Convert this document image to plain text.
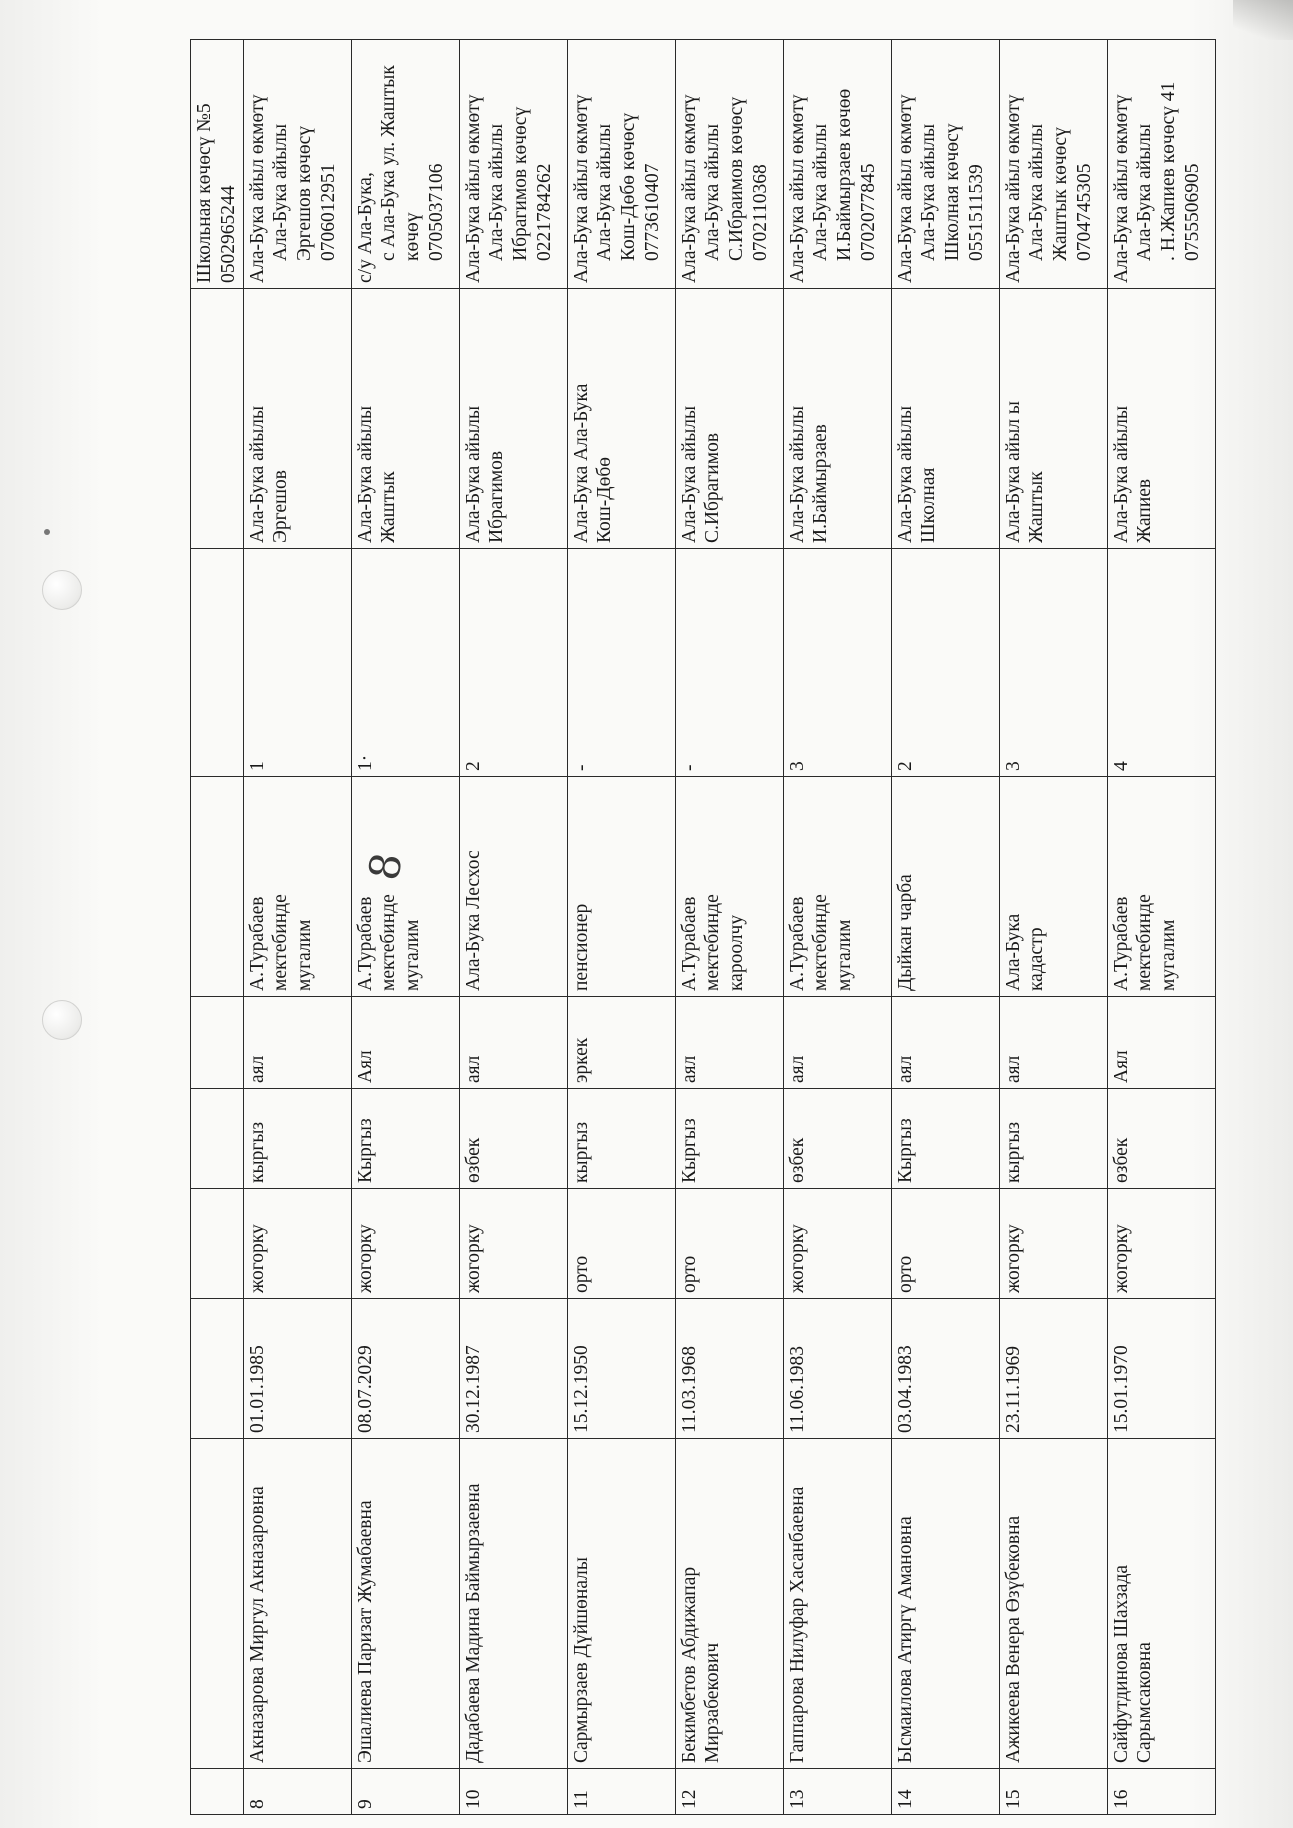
									Школьная көчөсү №5 0502965244

8	Акназарова Миргул Акназаровна	01.01.1985	жогорку	кыргыз	аял	А.Турабаев мектебинде мугалим	1	Ала-Бука айылы Эргешов	Ала-Бука айыл өкмөтү Ала-Бука айылы Эргешов көчөсү 0706012951

9	Эшалиева Паризат Жумабаевна	08.07.2029	жогорку	Кыргыз	Аял	А.Турабаев мектебинде мугалим	1·	Ала-Бука айылы Жаштык	с/у Ала-Бука, с Ала-Бука ул. Жаштык көчөү 0705037106

10	Дадабаева Мадина Баймырзаевна	30.12.1987	жогорку	өзбек	аял	Ала-Бука Лесхос	2	Ала-Бука айылы Ибрагимов	Ала-Бука айыл өкмөтү Ала-Бука айылы Ибрагимов көчөсү 0221784262

11	Сармырзаев Дүйшөналы	15.12.1950	орто	кыргыз	эркек	пенсионер	-	Ала-Бука Ала-Бука Кош-Дөбө	Ала-Бука айыл өкмөтү Ала-Бука айылы Кош-Дөбө көчөсү 0773610407

12	Бекимбетов Абдижапар Мирзабекович	11.03.1968	орто	Кыргыз	аял	А.Турабаев мектебинде кароолчу	-	Ала-Бука айылы С.Ибрагимов	Ала-Бука айыл өкмөтү Ала-Бука айылы С.Ибраимов көчөсү 0702110368

13	Гаппарова Нилуфар Хасанбаевна	11.06.1983	жогорку	өзбек	аял	А.Турабаев мектебинде мугалим	3	Ала-Бука айылы И.Баймырзаев	Ала-Бука айыл өкмөтү Ала-Бука айылы И.Баймырзаев көчөө 0702077845

14	Ысмаилова Атиргү Амановна	03.04.1983	орто	Кыргыз	аял	Дыйкан чарба	2	Ала-Бука айылы Школная	Ала-Бука айыл өкмөтү Ала-Бука айылы Школная көчөсү 0551511539

15	Ажикеева Венера Өзүбековна	23.11.1969	жогорку	кыргыз	аял	Ала-Бука кадастр	3	Ала-Бука айыл ы Жаштык	Ала-Бука айыл өкмөтү Ала-Бука айылы Жаштык көчөсү 0704745305

16	Сайфутдинова Шахзада Сарымсаковна	15.01.1970	жогорку	өзбек	Аял	А.Турабаев мектебинде мугалим	4	Ала-Бука айылы Жапиев	Ала-Бука айыл өкмөтү Ала-Бука айылы . Н.Жапиев көчөсү 41 0755506905
8
